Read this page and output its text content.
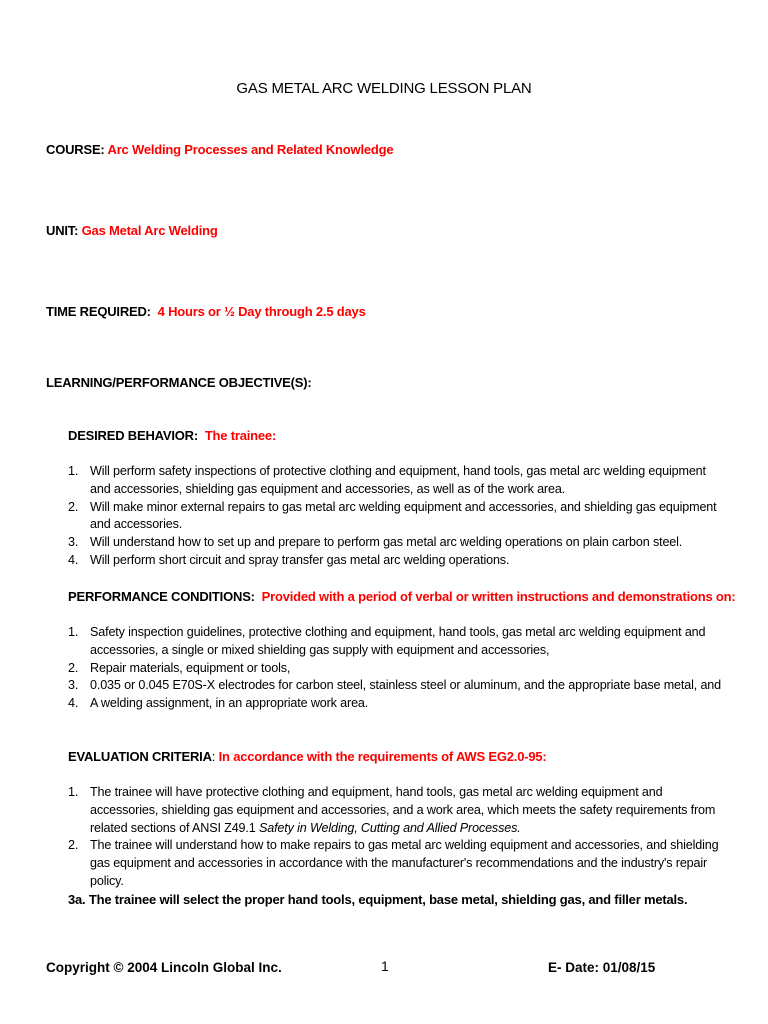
GAS METAL ARC WELDING LESSON PLAN
COURSE: Arc Welding Processes and Related Knowledge
UNIT: Gas Metal Arc Welding
TIME REQUIRED: 4 Hours or ½ Day through 2.5 days
LEARNING/PERFORMANCE OBJECTIVE(S):
DESIRED BEHAVIOR: The trainee:
1. Will perform safety inspections of protective clothing and equipment, hand tools, gas metal arc welding equipment and accessories, shielding gas equipment and accessories, as well as of the work area.
2. Will make minor external repairs to gas metal arc welding equipment and accessories, and shielding gas equipment and accessories.
3. Will understand how to set up and prepare to perform gas metal arc welding operations on plain carbon steel.
4. Will perform short circuit and spray transfer gas metal arc welding operations.
PERFORMANCE CONDITIONS: Provided with a period of verbal or written instructions and demonstrations on:
1. Safety inspection guidelines, protective clothing and equipment, hand tools, gas metal arc welding equipment and accessories, a single or mixed shielding gas supply with equipment and accessories,
2. Repair materials, equipment or tools,
3. 0.035 or 0.045 E70S-X electrodes for carbon steel, stainless steel or aluminum, and the appropriate base metal, and
4. A welding assignment, in an appropriate work area.
EVALUATION CRITERIA: In accordance with the requirements of AWS EG2.0-95:
1. The trainee will have protective clothing and equipment, hand tools, gas metal arc welding equipment and accessories, shielding gas equipment and accessories, and a work area, which meets the safety requirements from related sections of ANSI Z49.1 Safety in Welding, Cutting and Allied Processes.
2. The trainee will understand how to make repairs to gas metal arc welding equipment and accessories, and shielding gas equipment and accessories in accordance with the manufacturer's recommendations and the industry's repair policy.
3a. The trainee will select the proper hand tools, equipment, base metal, shielding gas, and filler metals.
Copyright © 2004 Lincoln Global Inc.	1	E- Date: 01/08/15
